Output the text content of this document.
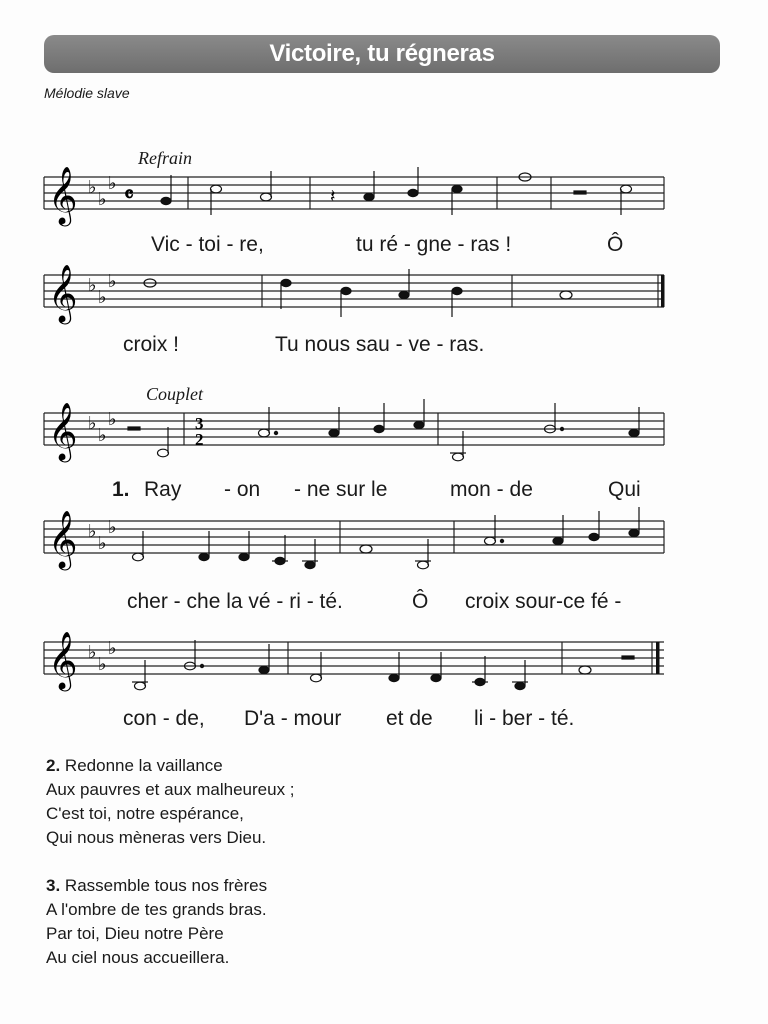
Victoire, tu régneras
Mélodie slave
Refrain
𝄞 ♭
♭
♭ 𝄴	𝄽
Vic - toi - re,	tu ré - gne - ras !	Ô
𝄞 ♭
♭
♭
croix !	Tu nous sau - ve - ras.
Couplet
𝄞 ♭
♭
♭	3
2
1. Ray - on - ne sur le	mon - de	Qui
𝄞 ♭
♭
♭
cher - che la vé - ri - té.	Ô croix sour-ce fé -
𝄞 ♭
♭
♭
con - de, D'a - mour et de li - ber - té.
2. Redonne la vaillance
Aux pauvres et aux malheureux ;
C'est toi, notre espérance,
Qui nous mèneras vers Dieu.
3. Rassemble tous nos frères
A l'ombre de tes grands bras.
Par toi, Dieu notre Père
Au ciel nous accueillera.
